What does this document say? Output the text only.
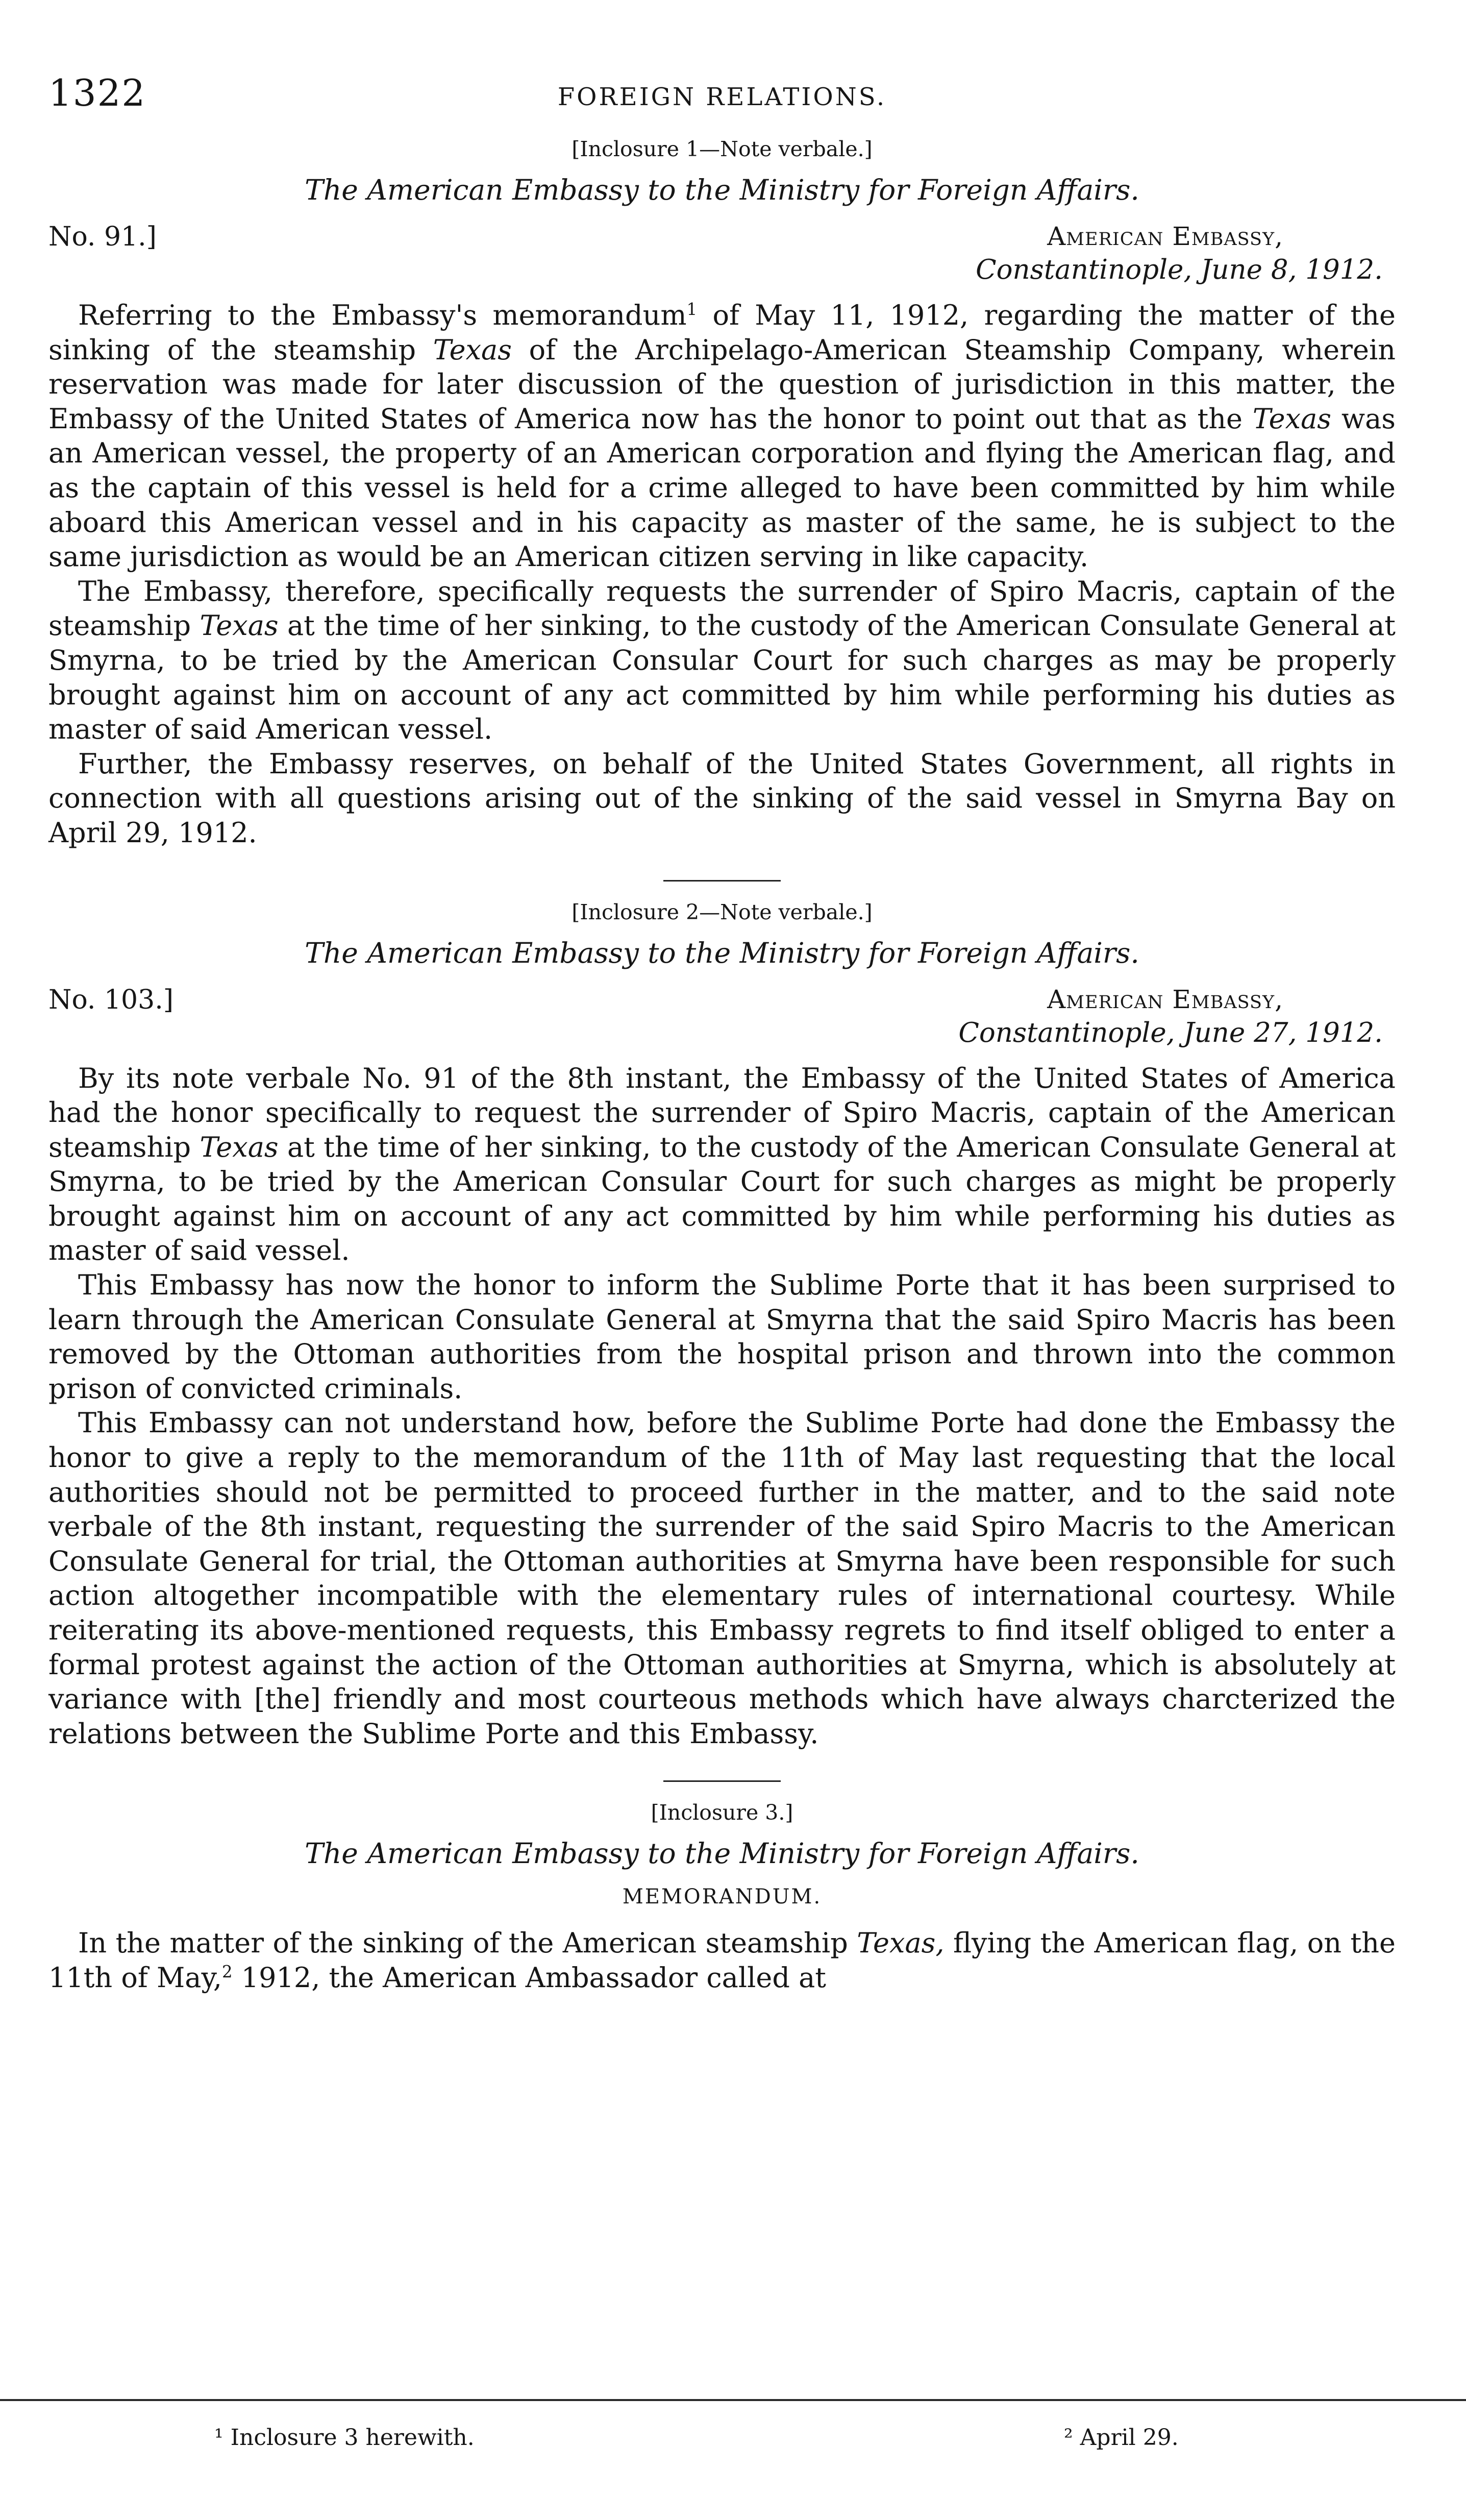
1322	FOREIGN RELATIONS.
[Inclosure 1—Note verbale.]
The American Embassy to the Ministry for Foreign Affairs.
No. 91.]	American Embassy,
Constantinople, June 8, 1912.

Referring to the Embassy's memorandum$^1$ of May 11, 1912, regarding the matter of the sinking of the steamship Texas of the Archipelago-American Steamship Company, wherein reservation was made for later discussion of the question of jurisdiction in this matter, the Embassy of the United States of America now has the honor to point out that as the Texas was an American vessel, the property of an American corporation and flying the American flag, and as the captain of this vessel is held for a crime alleged to have been committed by him while aboard this American vessel and in his capacity as master of the same, he is subject to the same jurisdiction as would be an American citizen serving in like capacity.

The Embassy, therefore, specifically requests the surrender of Spiro Macris, captain of the steamship Texas at the time of her sinking, to the custody of the American Consulate General at Smyrna, to be tried by the American Consular Court for such charges as may be properly brought against him on account of any act committed by him while performing his duties as master of said American vessel.

Further, the Embassy reserves, on behalf of the United States Government, all rights in connection with all questions arising out of the sinking of the said vessel in Smyrna Bay on April 29, 1912.

[Inclosure 2—Note verbale.]
The American Embassy to the Ministry for Foreign Affairs.
No. 103.]	American Embassy,
Constantinople, June 27, 1912.

By its note verbale No. 91 of the 8th instant, the Embassy of the United States of America had the honor specifically to request the surrender of Spiro Macris, captain of the American steamship Texas at the time of her sinking, to the custody of the American Consulate General at Smyrna, to be tried by the American Consular Court for such charges as might be properly brought against him on account of any act committed by him while performing his duties as master of said vessel.

This Embassy has now the honor to inform the Sublime Porte that it has been surprised to learn through the American Consulate General at Smyrna that the said Spiro Macris has been removed by the Ottoman authorities from the hospital prison and thrown into the common prison of convicted criminals.

This Embassy can not understand how, before the Sublime Porte had done the Embassy the honor to give a reply to the memorandum of the 11th of May last requesting that the local authorities should not be permitted to proceed further in the matter, and to the said note verbale of the 8th instant, requesting the surrender of the said Spiro Macris to the American Consulate General for trial, the Ottoman authorities at Smyrna have been responsible for such action altogether incompatible with the elementary rules of international courtesy. While reiterating its above-mentioned requests, this Embassy regrets to find itself obliged to enter a formal protest against the action of the Ottoman authorities at Smyrna, which is absolutely at variance with [the] friendly and most courteous methods which have always charcterized the relations between the Sublime Porte and this Embassy.

[Inclosure 3.]
The American Embassy to the Ministry for Foreign Affairs.
MEMORANDUM.

In the matter of the sinking of the American steamship Texas, flying the American flag, on the 11th of May,$^2$ 1912, the American Ambassador called at

¹ Inclosure 3 herewith.	² April 29.
